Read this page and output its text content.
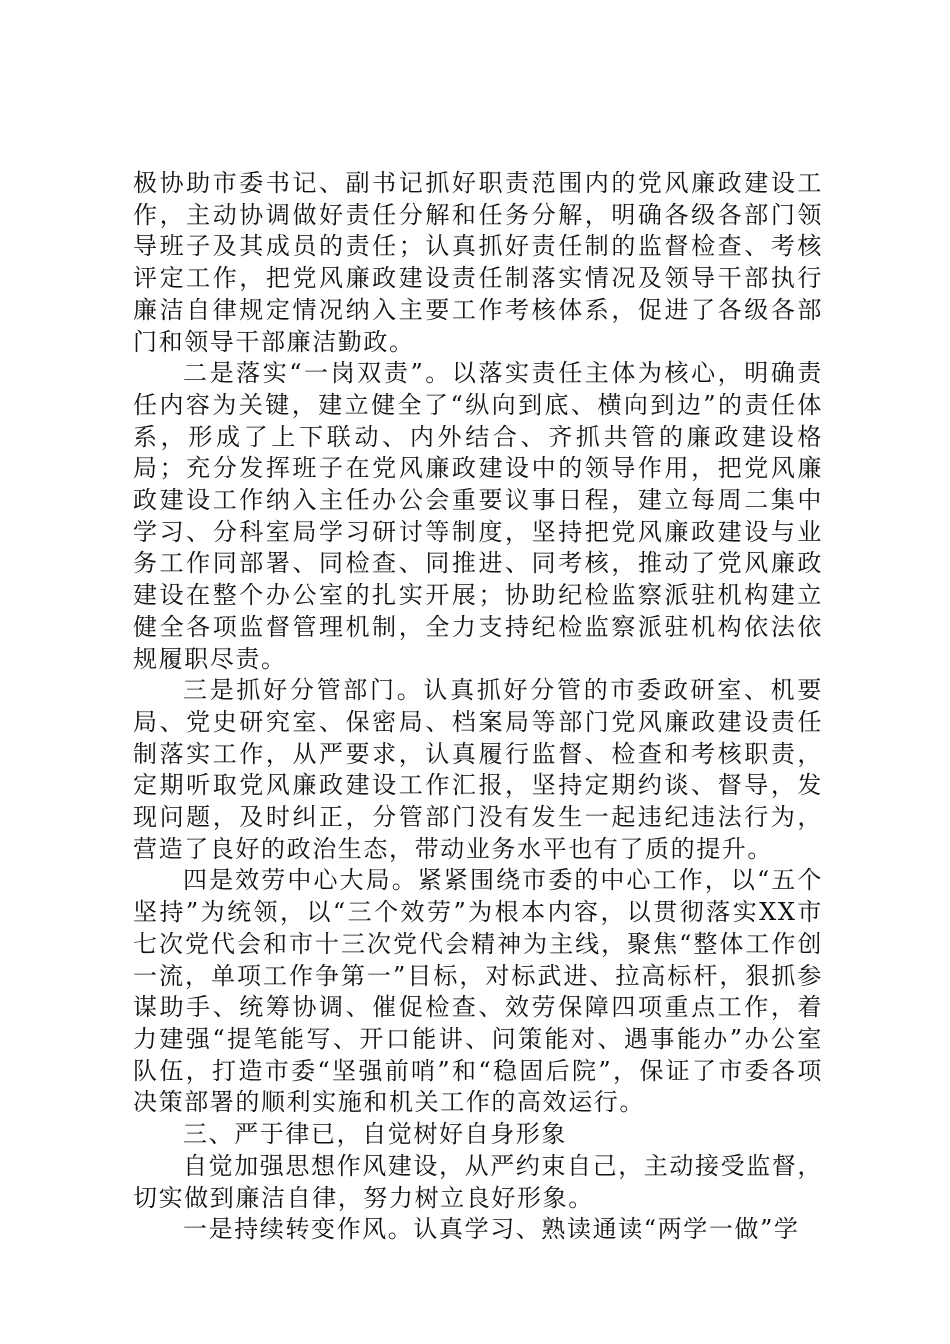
极协助市委书记、副书记抓好职责范围内的党风廉政建设工作，主动协调做好责任分解和任务分解，明确各级各部门领导班子及其成员的责任；认真抓好责任制的监督检查、考核评定工作，把党风廉政建设责任制落实情况及领导干部执行廉洁自律规定情况纳入主要工作考核体系，促进了各级各部门和领导干部廉洁勤政。

二是落实“一岗双责”。以落实责任主体为核心，明确责任内容为关键，建立健全了“纵向到底、横向到边”的责任体系，形成了上下联动、内外结合、齐抓共管的廉政建设格局；充分发挥班子在党风廉政建设中的领导作用，把党风廉政建设工作纳入主任办公会重要议事日程，建立每周二集中学习、分科室局学习研讨等制度，坚持把党风廉政建设与业务工作同部署、同检查、同推进、同考核，推动了党风廉政建设在整个办公室的扎实开展；协助纪检监察派驻机构建立健全各项监督管理机制，全力支持纪检监察派驻机构依法依规履职尽责。

三是抓好分管部门。认真抓好分管的市委政研室、机要局、党史研究室、保密局、档案局等部门党风廉政建设责任制落实工作，从严要求，认真履行监督、检查和考核职责，定期听取党风廉政建设工作汇报，坚持定期约谈、督导，发现问题，及时纠正，分管部门没有发生一起违纪违法行为，营造了良好的政治生态，带动业务水平也有了质的提升。

四是效劳中心大局。紧紧围绕市委的中心工作，以“五个坚持”为统领，以“三个效劳”为根本内容，以贯彻落实XX市七次党代会和市十三次党代会精神为主线，聚焦“整体工作创一流，单项工作争第一”目标，对标武进、拉高标杆，狠抓参谋助手、统筹协调、催促检查、效劳保障四项重点工作，着力建强“提笔能写、开口能讲、问策能对、遇事能办”办公室队伍，打造市委“坚强前哨”和“稳固后院”，保证了市委各项决策部署的顺利实施和机关工作的高效运行。

三、严于律已，自觉树好自身形象

自觉加强思想作风建设，从严约束自己，主动接受监督，切实做到廉洁自律，努力树立良好形象。

一是持续转变作风。认真学习、熟读通读“两学一做”学
